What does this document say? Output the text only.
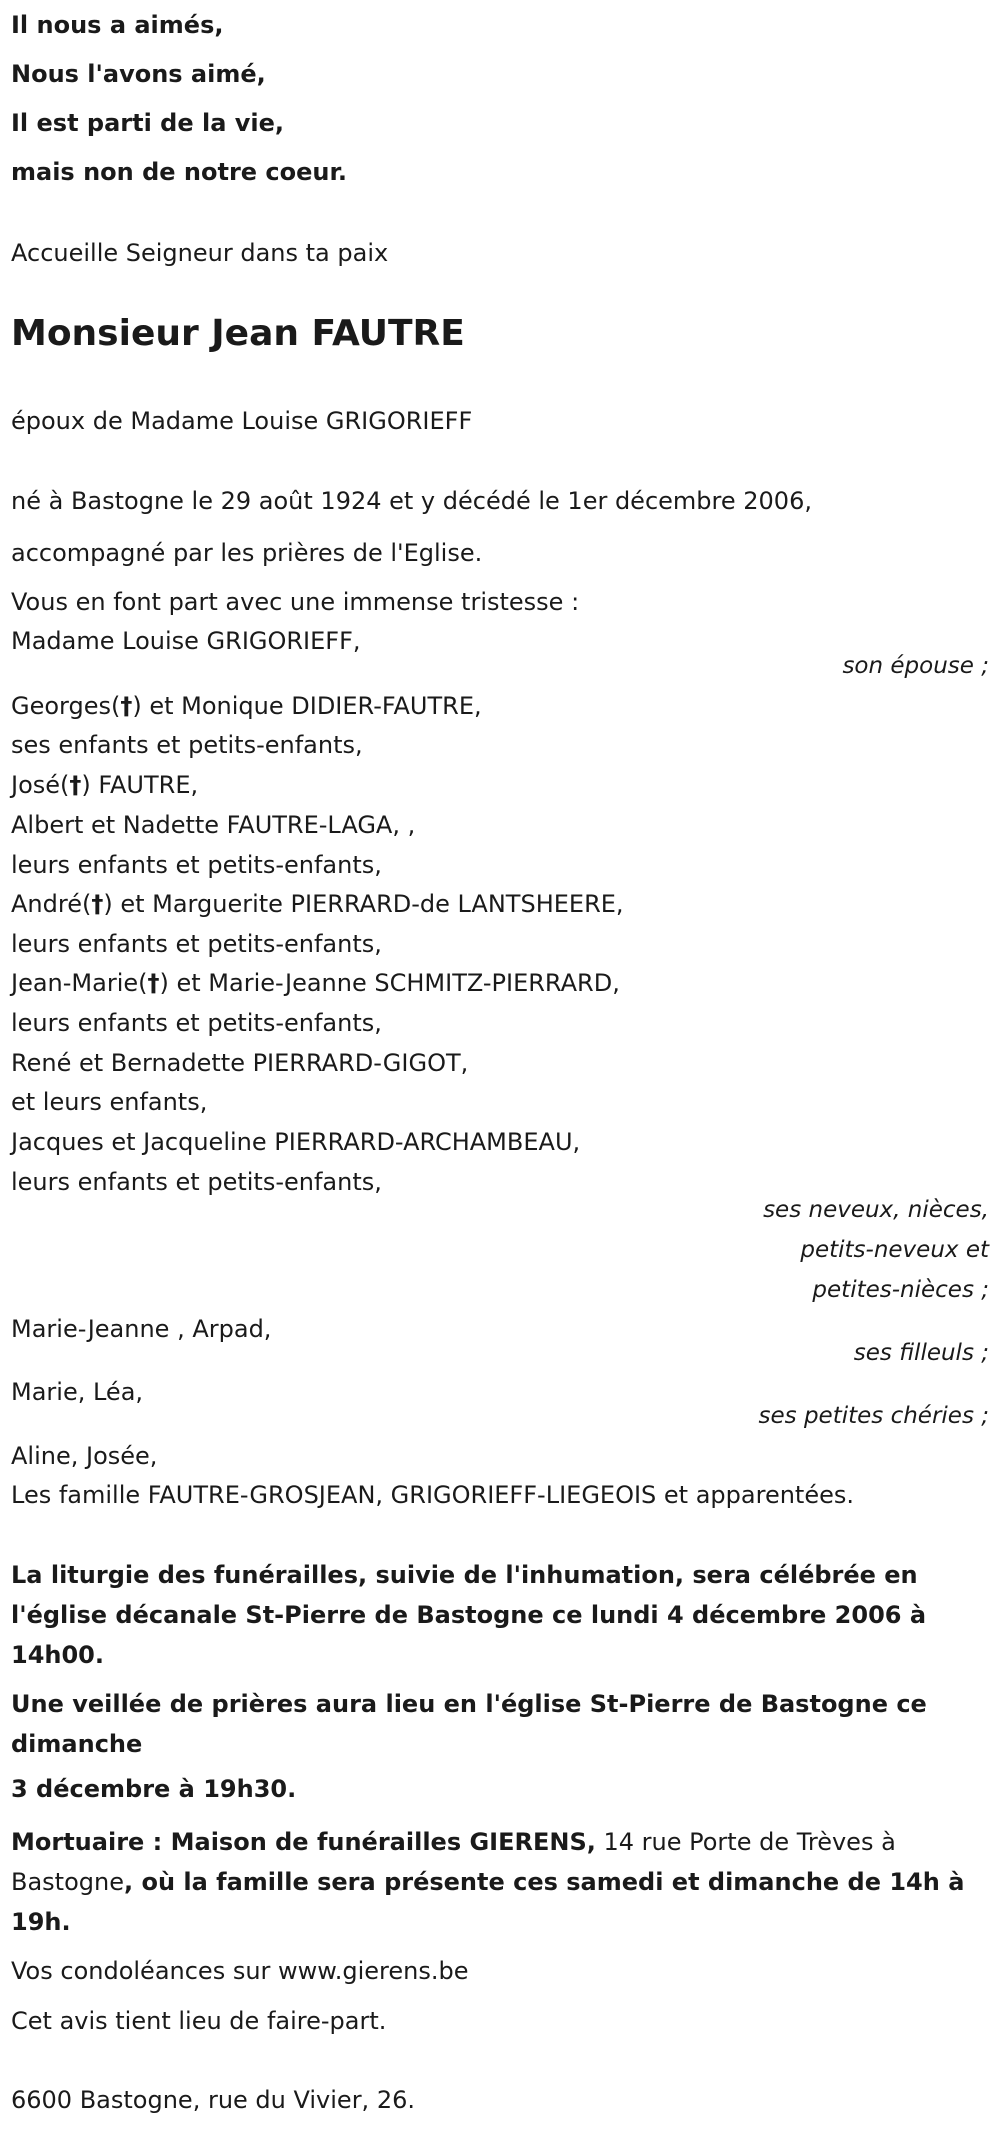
Il nous a aimés,
Nous l'avons aimé,
Il est parti de la vie,
mais non de notre coeur.
Accueille Seigneur dans ta paix
Monsieur Jean FAUTRE
époux de Madame Louise GRIGORIEFF
né à Bastogne le 29 août 1924 et y décédé le 1er décembre 2006,
accompagné par les prières de l'Eglise.
Vous en font part avec une immense tristesse :
Madame Louise GRIGORIEFF,
son épouse ;
Georges(†) et Monique DIDIER-FAUTRE,
ses enfants et petits-enfants,
José(†) FAUTRE,
Albert et Nadette FAUTRE-LAGA, ,
leurs enfants et petits-enfants,
André(†) et Marguerite PIERRARD-de LANTSHEERE,
leurs enfants et petits-enfants,
Jean-Marie(†) et Marie-Jeanne SCHMITZ-PIERRARD,
leurs enfants et petits-enfants,
René et Bernadette PIERRARD-GIGOT,
et leurs enfants,
Jacques et Jacqueline PIERRARD-ARCHAMBEAU,
leurs enfants et petits-enfants,
ses neveux, nièces,
petits-neveux et
petites-nièces ;
Marie-Jeanne , Arpad,
ses filleuls ;
Marie, Léa,
ses petites chéries ;
Aline, Josée,
Les famille FAUTRE-GROSJEAN, GRIGORIEFF-LIEGEOIS et apparentées.
La liturgie des funérailles, suivie de l'inhumation, sera célébrée en l'église décanale St-Pierre de Bastogne ce lundi 4 décembre 2006 à 14h00.
Une veillée de prières aura lieu en l'église St-Pierre de Bastogne ce dimanche
3 décembre à 19h30.
Mortuaire : Maison de funérailles GIERENS, 14 rue Porte de Trèves à Bastogne, où la famille sera présente ces samedi et dimanche de 14h à 19h.
Vos condoléances sur www.gierens.be
Cet avis tient lieu de faire-part.
6600 Bastogne, rue du Vivier, 26.
